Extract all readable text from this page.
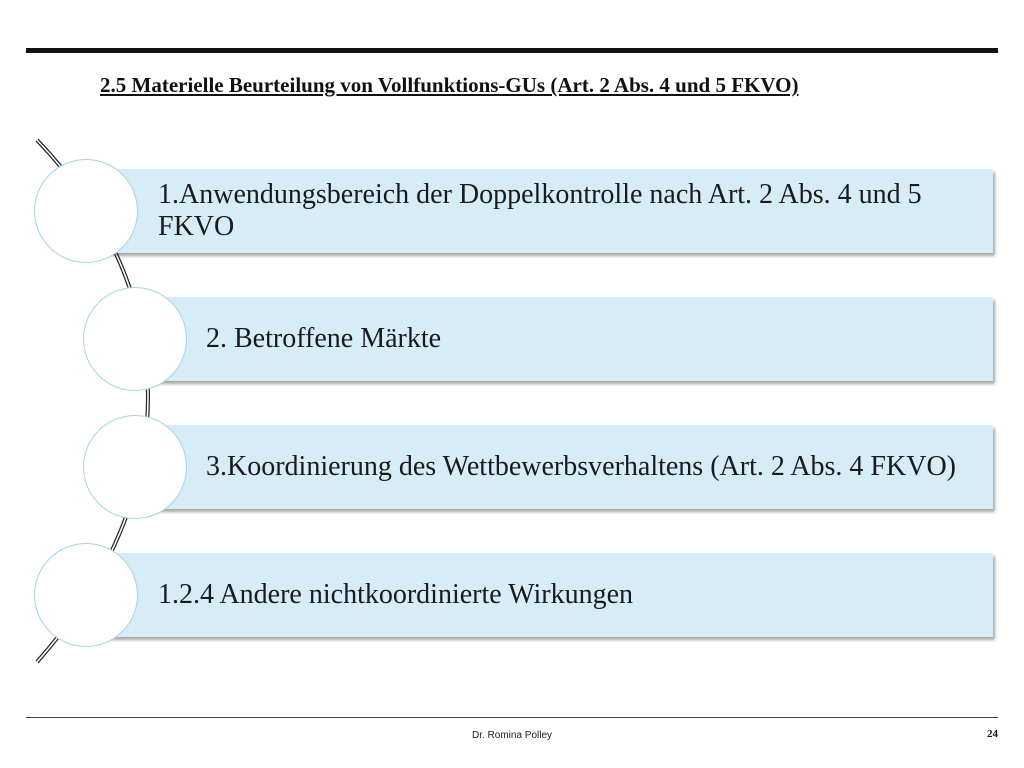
2.5 Materielle Beurteilung von Vollfunktions-GUs (Art. 2 Abs. 4 und 5 FKVO)
1.Anwendungsbereich der Doppelkontrolle nach Art. 2 Abs. 4 und 5 FKVO
2. Betroffene Märkte
3.Koordinierung des Wettbewerbsverhaltens (Art. 2 Abs. 4 FKVO)
1.2.4 Andere nichtkoordinierte Wirkungen
Dr. Romina Polley	24
